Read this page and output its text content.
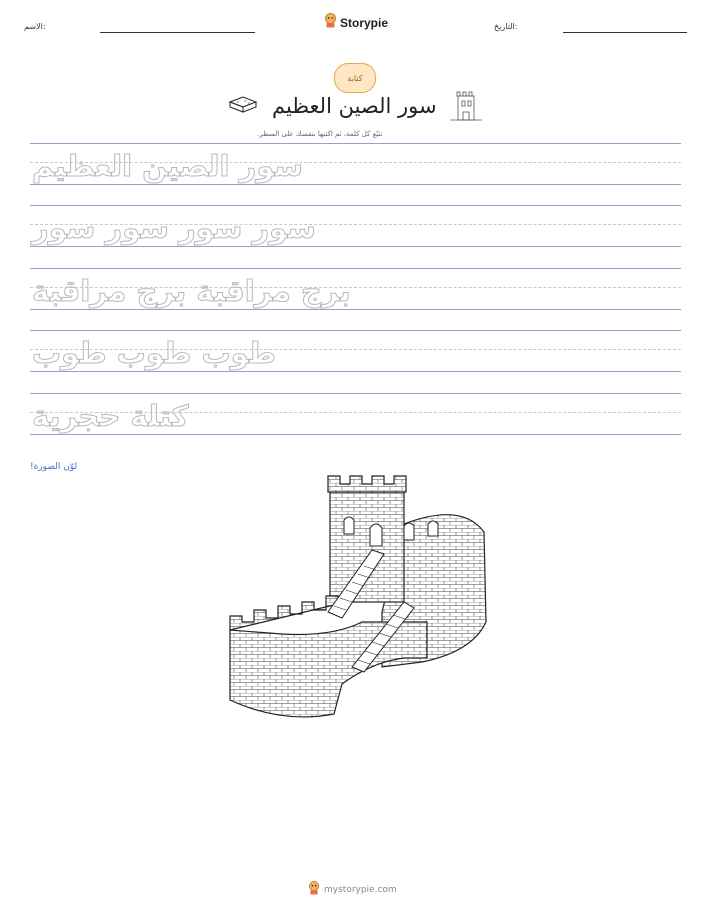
الاسم:	Storypie	التاريخ:
كتابة
سور الصين العظيم
تتبّع كل كلمة، ثم اكتبها بنفسك على السطر.
سور الصين العظيم
سور سور سور سور
برج مراقبة برج مراقبة
طوب طوب طوب
كتلة حجرية
لوّن الصورة!
mystorypie.com
